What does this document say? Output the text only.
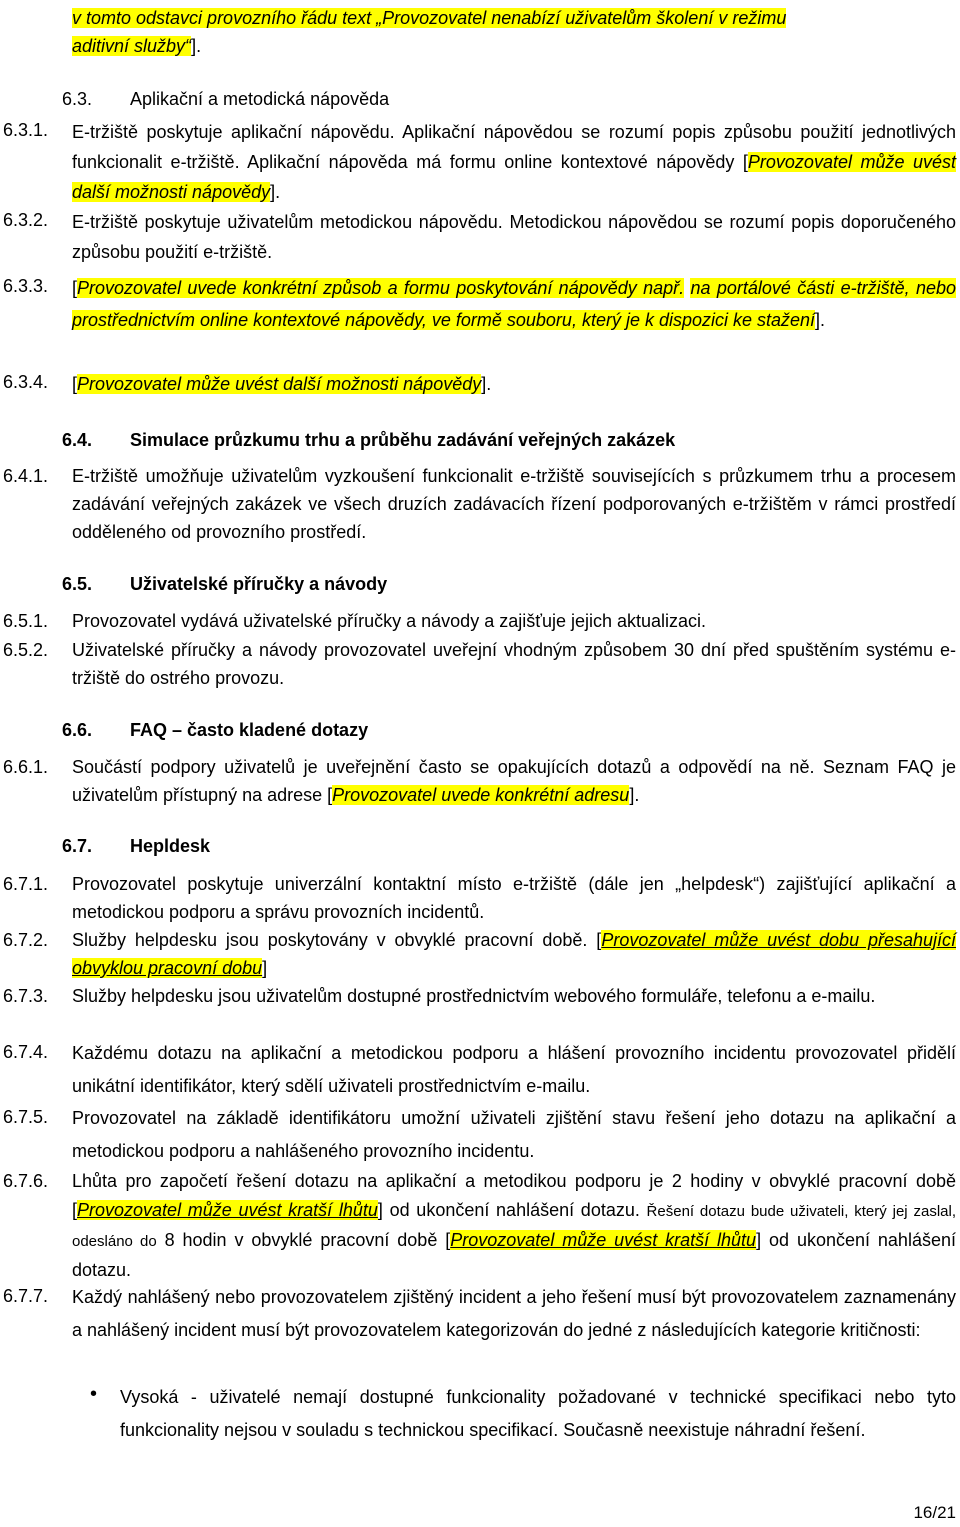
v tomto odstavci provozního řádu text „Provozovatel nenabízí uživatelům školení v režimu
aditivní služby“].
6.3. Aplikační a metodická nápověda
6.3.1. E-tržiště poskytuje aplikační nápovědu. Aplikační nápovědou se rozumí popis způsobu použití jednotlivých funkcionalit e-tržiště. Aplikační nápověda má formu online kontextové nápovědy [Provozovatel může uvést další možnosti nápovědy].
6.3.2. E-tržiště poskytuje uživatelům metodickou nápovědu. Metodickou nápovědou se rozumí popis doporučeného způsobu použití e-tržiště.
6.3.3. [Provozovatel uvede konkrétní způsob a formu poskytování nápovědy např. na portálové části e-tržiště, nebo prostřednictvím online kontextové nápovědy, ve formě souboru, který je k dispozici ke stažení].
6.3.4. [Provozovatel může uvést další možnosti nápovědy].
6.4. Simulace průzkumu trhu a průběhu zadávání veřejných zakázek
6.4.1. E-tržiště umožňuje uživatelům vyzkoušení funkcionalit e-tržiště souvisejících s průzkumem trhu a procesem zadávání veřejných zakázek ve všech druzích zadávacích řízení podporovaných e-tržištěm v rámci prostředí odděleného od provozního prostředí.
6.5. Uživatelské příručky a návody
6.5.1. Provozovatel vydává uživatelské příručky a návody a zajišťuje jejich aktualizaci.
6.5.2. Uživatelské příručky a návody provozovatel uveřejní vhodným způsobem 30 dní před spuštěním systému e-tržiště do ostrého provozu.
6.6. FAQ – často kladené dotazy
6.6.1. Součástí podpory uživatelů je uveřejnění často se opakujících dotazů a odpovědí na ně. Seznam FAQ je uživatelům přístupný na adrese [Provozovatel uvede konkrétní adresu].
6.7. Hepldesk
6.7.1. Provozovatel poskytuje univerzální kontaktní místo e-tržiště (dále jen „helpdesk“) zajišťující aplikační a metodickou podporu a správu provozních incidentů.
6.7.2. Služby helpdesku jsou poskytovány v obvyklé pracovní době. [Provozovatel může uvést dobu přesahující obvyklou pracovní dobu]
6.7.3. Služby helpdesku jsou uživatelům dostupné prostřednictvím webového formuláře, telefonu a e-mailu.
6.7.4. Každému dotazu na aplikační a metodickou podporu a hlášení provozního incidentu provozovatel přidělí unikátní identifikátor, který sdělí uživateli prostřednictvím e-mailu.
6.7.5. Provozovatel na základě identifikátoru umožní uživateli zjištění stavu řešení jeho dotazu na aplikační a metodickou podporu a nahlášeného provozního incidentu.
6.7.6. Lhůta pro započetí řešení dotazu na aplikační a metodikou podporu je 2 hodiny v obvyklé pracovní době [Provozovatel může uvést kratší lhůtu] od ukončení nahlášení dotazu. Řešení dotazu bude uživateli, který jej zaslal, odesláno do 8 hodin v obvyklé pracovní době [Provozovatel může uvést kratší lhůtu] od ukončení nahlášení dotazu.
6.7.7. Každý nahlášený nebo provozovatelem zjištěný incident a jeho řešení musí být provozovatelem zaznamenány a nahlášený incident musí být provozovatelem kategorizován do jedné z následujících kategorie kritičnosti:
• Vysoká - uživatelé nemají dostupné funkcionality požadované v technické specifikaci nebo tyto funkcionality nejsou v souladu s technickou specifikací. Současně neexistuje náhradní řešení.
16/21
